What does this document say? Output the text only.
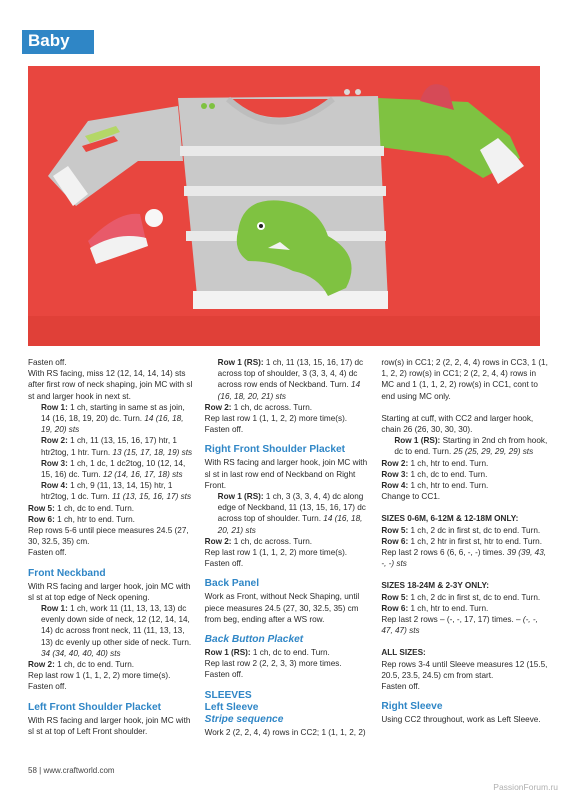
Baby

Fasten off.

With RS facing, miss 12 (12, 14, 14, 14) sts after first row of neck shaping, join MC with sl st and larger hook in next st.

Row 1: 1 ch, starting in same st as join, 14 (16, 18, 19, 20) dc. Turn. 14 (16, 18, 19, 20) sts

Row 2: 1 ch, 11 (13, 15, 16, 17) htr, 1 htr2tog, 1 htr. Turn. 13 (15, 17, 18, 19) sts

Row 3: 1 ch, 1 dc, 1 dc2tog, 10 (12, 14, 15, 16) dc. Turn. 12 (14, 16, 17, 18) sts

Row 4: 1 ch, 9 (11, 13, 14, 15) htr, 1 htr2tog, 1 dc. Turn. 11 (13, 15, 16, 17) sts

Row 5: 1 ch, dc to end. Turn.

Row 6: 1 ch, htr to end. Turn.

Rep rows 5-6 until piece measures 24.5 (27, 30, 32.5, 35) cm.

Fasten off.

Front Neckband

With RS facing and larger hook, join MC with sl st at top edge of Neck opening.

Row 1: 1 ch, work 11 (11, 13, 13, 13) dc evenly down side of neck, 12 (12, 14, 14, 14) dc across front neck, 11 (11, 13, 13, 13) dc evenly up other side of neck. Turn. 34 (34, 40, 40, 40) sts

Row 2: 1 ch, dc to end. Turn.

Rep last row 1 (1, 1, 2, 2) more time(s).

Fasten off.

Left Front Shoulder Placket

With RS facing and larger hook, join MC with sl st at top of Left Front shoulder.

Row 1 (RS): 1 ch, 11 (13, 15, 16, 17) dc across top of shoulder, 3 (3, 3, 4, 4) dc across row ends of Neckband. Turn. 14 (16, 18, 20, 21) sts

Row 2: 1 ch, dc across. Turn.

Rep last row 1 (1, 1, 2, 2) more time(s).

Fasten off.

Right Front Shoulder Placket

With RS facing and larger hook, join MC with sl st in last row end of Neckband on Right Front.

Row 1 (RS): 1 ch, 3 (3, 3, 4, 4) dc along edge of Neckband, 11 (13, 15, 16, 17) dc across top of shoulder. Turn. 14 (16, 18, 20, 21) sts

Row 2: 1 ch, dc across. Turn.

Rep last row 1 (1, 1, 2, 2) more time(s).

Fasten off.

Back Panel

Work as Front, without Neck Shaping, until piece measures 24.5 (27, 30, 32.5, 35) cm from beg, ending after a WS row.

Back Button Placket

Row 1 (RS): 1 ch, dc to end. Turn.

Rep last row 2 (2, 2, 3, 3) more times.

Fasten off.

SLEEVES
Left Sleeve
Stripe sequence

Work 2 (2, 2, 4, 4) rows in CC2; 1 (1, 1, 2, 2)

row(s) in CC1; 2 (2, 2, 4, 4) rows in CC3, 1 (1, 1, 2, 2) row(s) in CC1; 2 (2, 2, 4, 4) rows in MC and 1 (1, 1, 2, 2) row(s) in CC1, cont to end using MC only.

Starting at cuff, with CC2 and larger hook, chain 26 (26, 30, 30, 30).

Row 1 (RS): Starting in 2nd ch from hook, dc to end. Turn. 25 (25, 29, 29, 29) sts

Row 2: 1 ch, htr to end. Turn.

Row 3: 1 ch, dc to end. Turn.

Row 4: 1 ch, htr to end. Turn.

Change to CC1.

SIZES 0-6M, 6-12M & 12-18M ONLY:

Row 5: 1 ch, 2 dc in first st, dc to end. Turn.

Row 6: 1 ch, 2 htr in first st, htr to end. Turn.

Rep last 2 rows 6 (6, 6, -, -) times. 39 (39, 43, -, -) sts

SIZES 18-24M & 2-3Y ONLY:

Row 5: 1 ch, 2 dc in first st, dc to end. Turn.

Row 6: 1 ch, htr to end. Turn.

Rep last 2 rows – (-, -, 17, 17) times. – (-, -, 47, 47) sts

ALL SIZES:

Rep rows 3-4 until Sleeve measures 12 (15.5, 20.5, 23.5, 24.5) cm from start.

Fasten off.

Right Sleeve

Using CC2 throughout, work as Left Sleeve.

58 | www.craftworld.com
PassionForum.ru
